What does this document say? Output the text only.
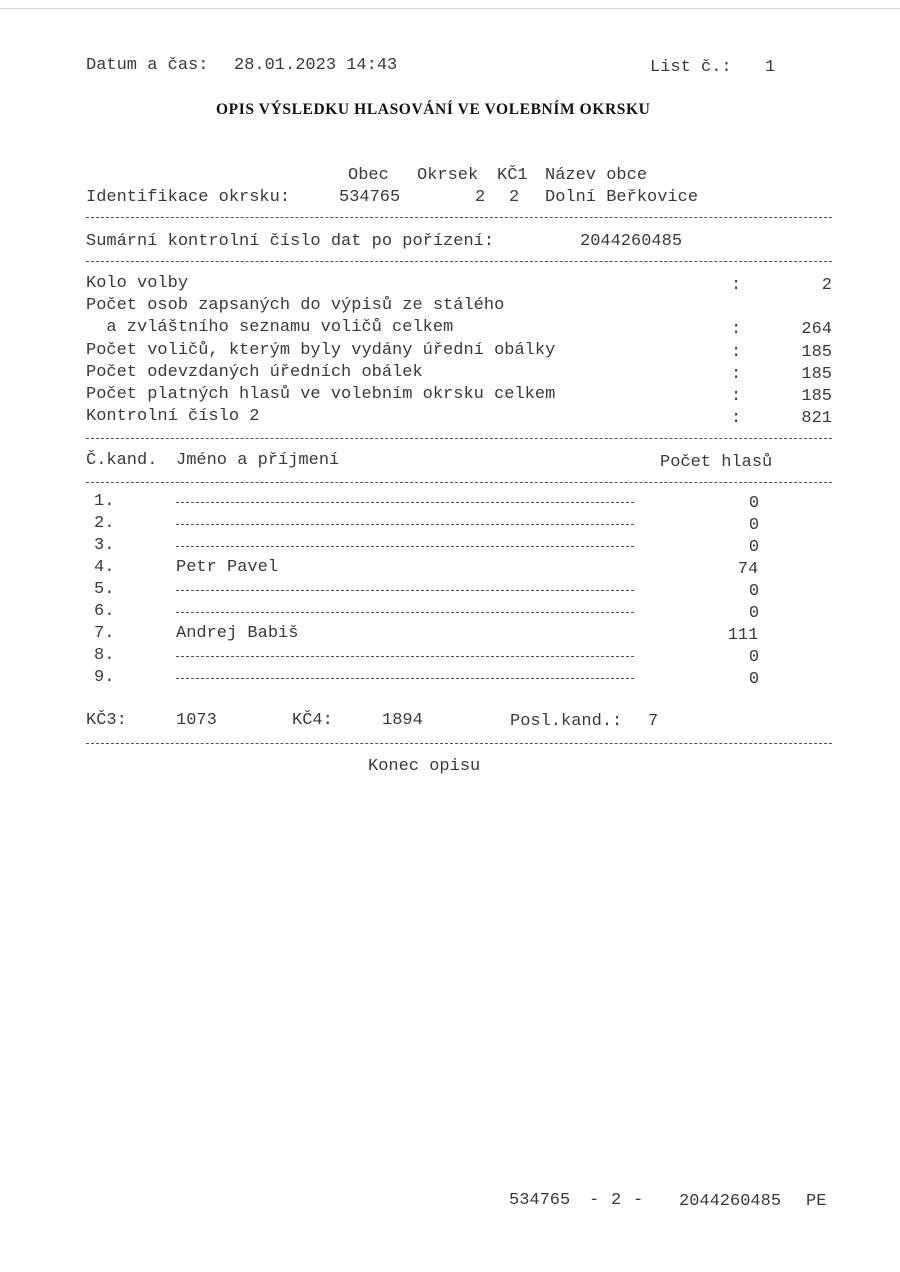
Datum a čas: 28.01.2023 14:43	List č.: 1
OPIS VÝSLEDKU HLASOVÁNÍ VE VOLEBNÍM OKRSKU
Obec Okrsek KČ1 Název obce
Identifikace okrsku:	534765	2 2 Dolní Beřkovice
Sumární kontrolní číslo dat po pořízení:	2044260485
Kolo volby	:	2
Počet osob zapsaných do výpisů ze stálého
a zvláštního seznamu voličů celkem	:	264
Počet voličů, kterým byly vydány úřední obálky	:	185
Počet odevzdaných úředních obálek	:	185
Počet platných hlasů ve volebním okrsku celkem	:	185
Kontrolní číslo 2	:	821
Č.kand. Jméno a příjmení	Počet hlasů
1.	0
2.	0
3.	0
4.	Petr Pavel	74
5.	0
6.	0
7.	Andrej Babiš	111
8.	0
9.	0
KČ3:	1073	KČ4:	1894	Posl.kand.: 7
Konec opisu
534765 - 2 - 2044260485 PE
